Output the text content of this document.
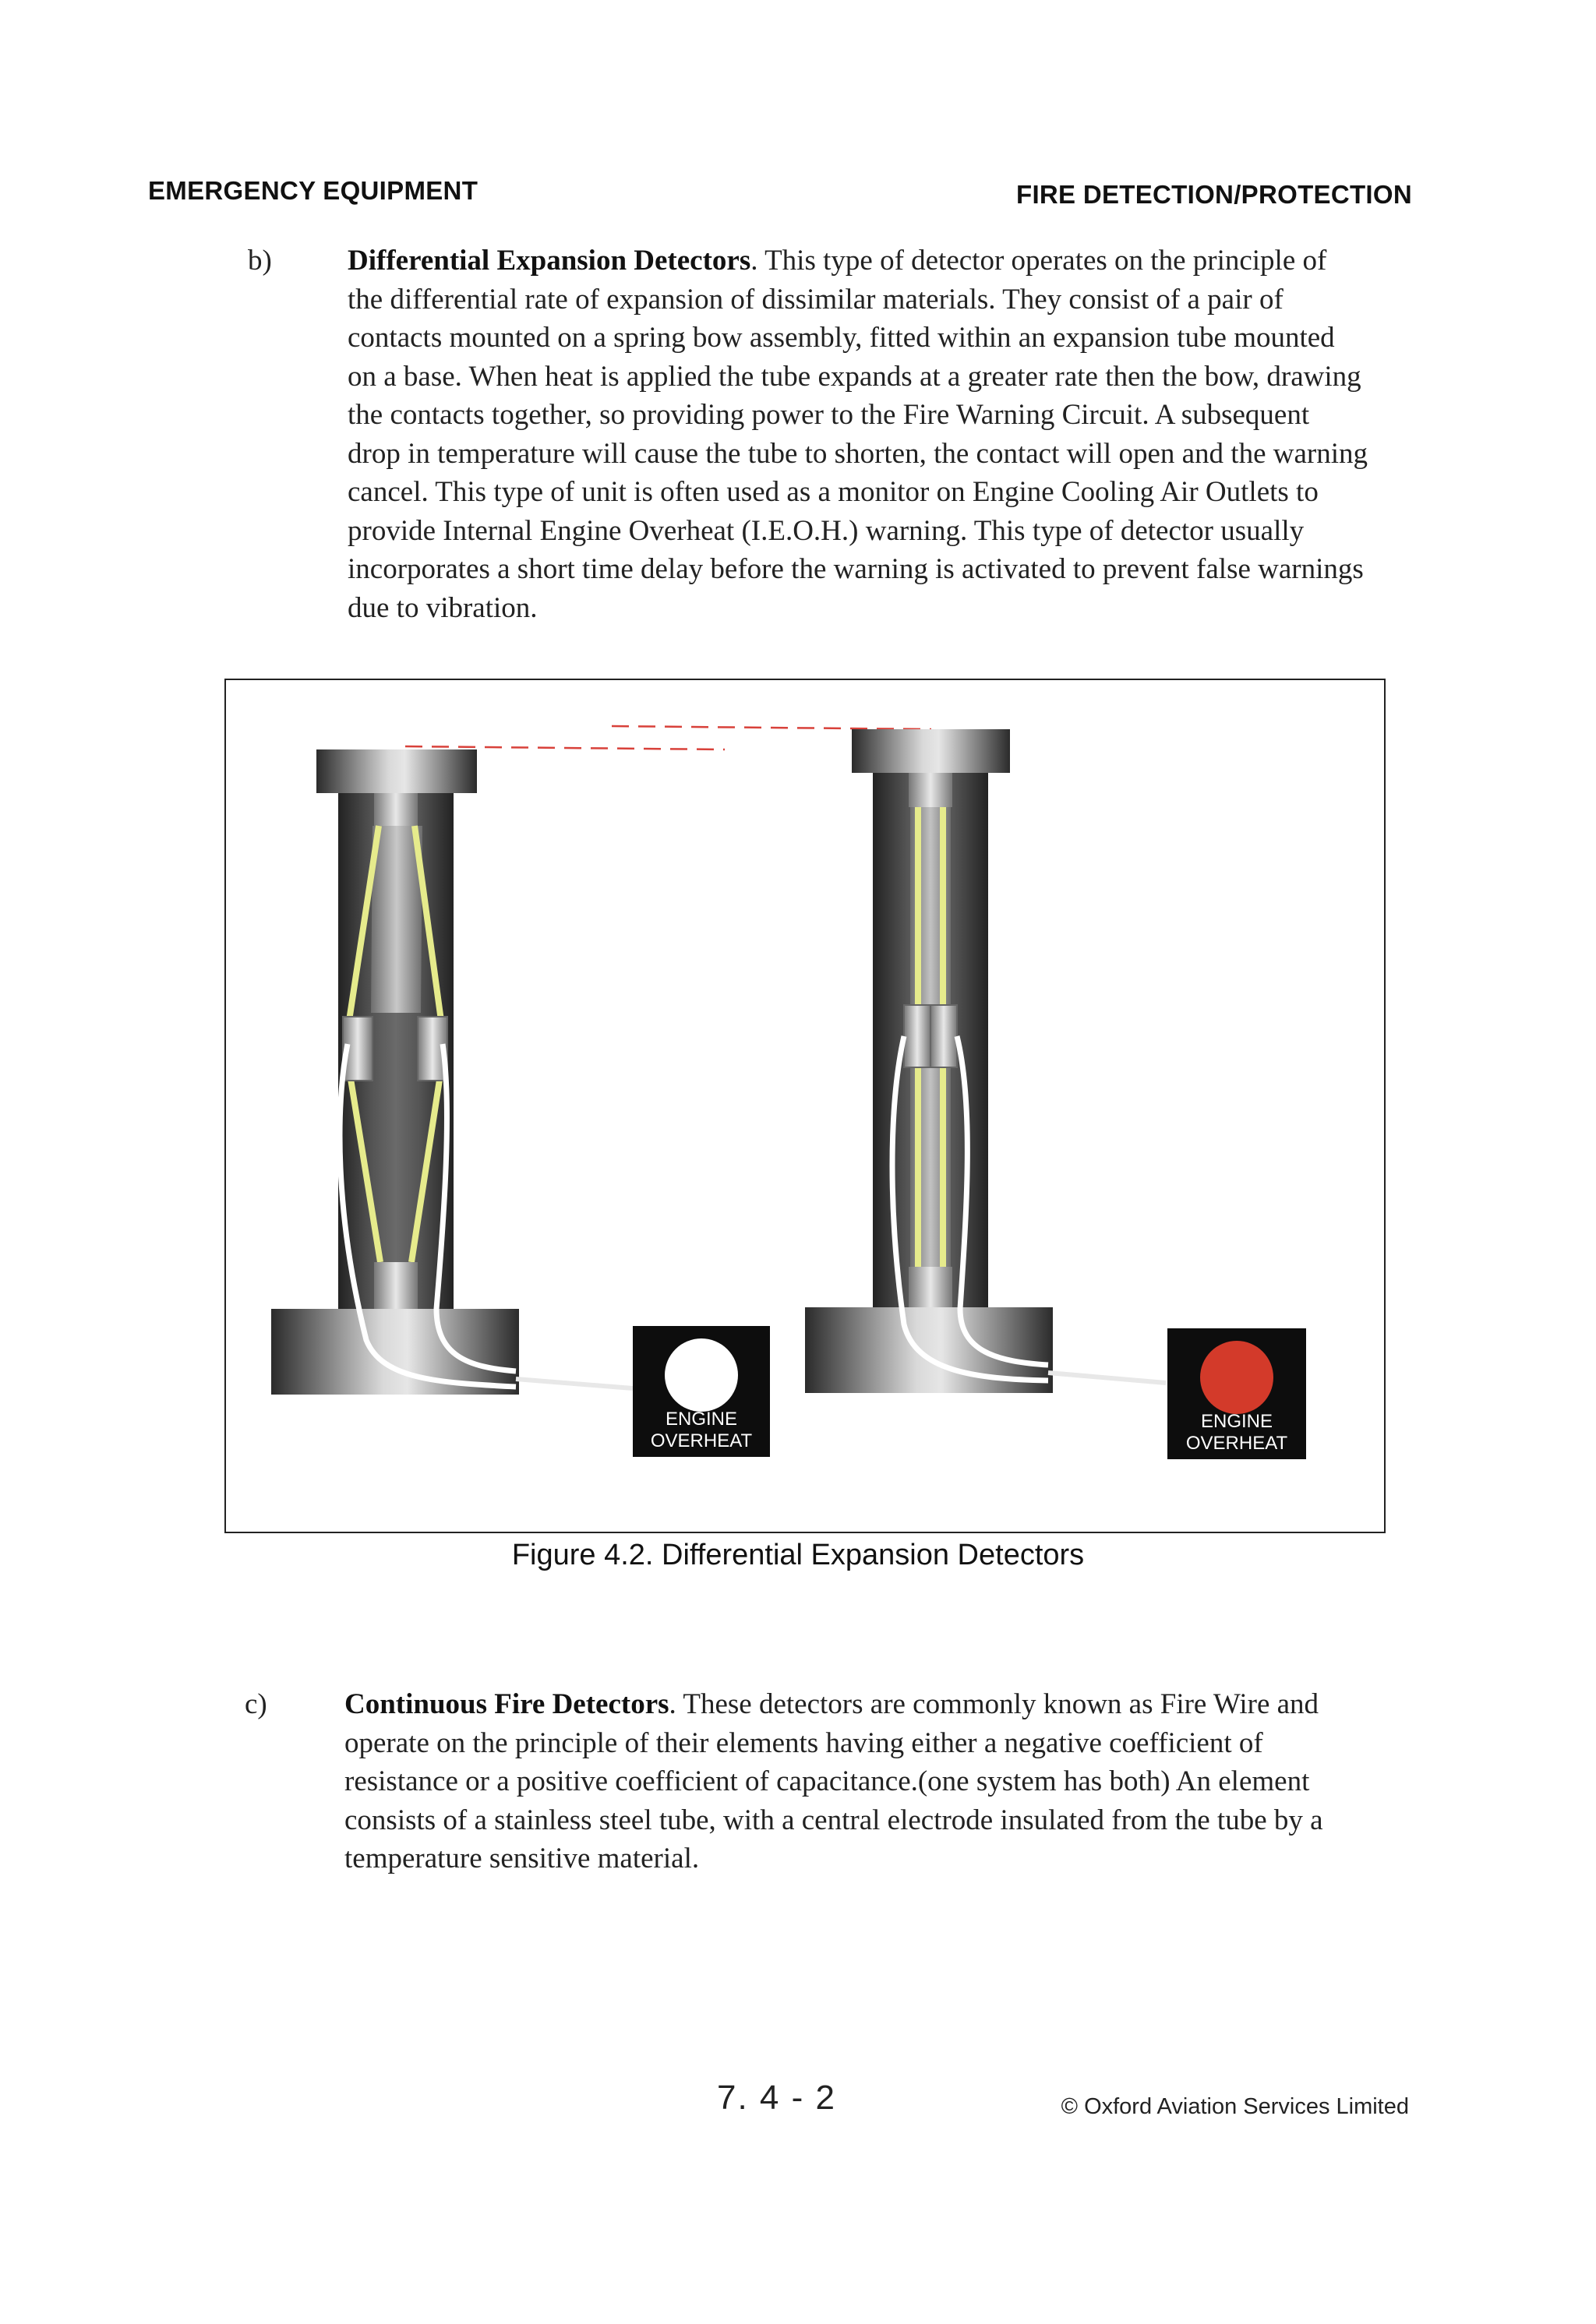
EMERGENCY EQUIPMENT	FIRE DETECTION/PROTECTION
b)	Differential Expansion Detectors. This type of detector operates on the principle of
the differential rate of expansion of dissimilar materials. They consist of a pair of
contacts mounted on a spring bow assembly, fitted within an expansion tube mounted
on a base. When heat is applied the tube expands at a greater rate then the bow, drawing
the contacts together, so providing power to the Fire Warning Circuit. A subsequent
drop in temperature will cause the tube to shorten, the contact will open and the warning
cancel. This type of unit is often used as a monitor on Engine Cooling Air Outlets to
provide Internal Engine Overheat (I.E.O.H.) warning. This type of detector usually
incorporates a short time delay before the warning is activated to prevent false warnings
due to vibration.
ENGINE
OVERHEAT
ENGINE
OVERHEAT
Figure 4.2. Differential Expansion Detectors
c)	Continuous Fire Detectors. These detectors are commonly known as Fire Wire and
operate on the principle of their elements having either a negative coefficient of
resistance or a positive coefficient of capacitance.(one system has both) An element
consists of a stainless steel tube, with a central electrode insulated from the tube by a
temperature sensitive material.
7. 4 - 2	© Oxford Aviation Services Limited
